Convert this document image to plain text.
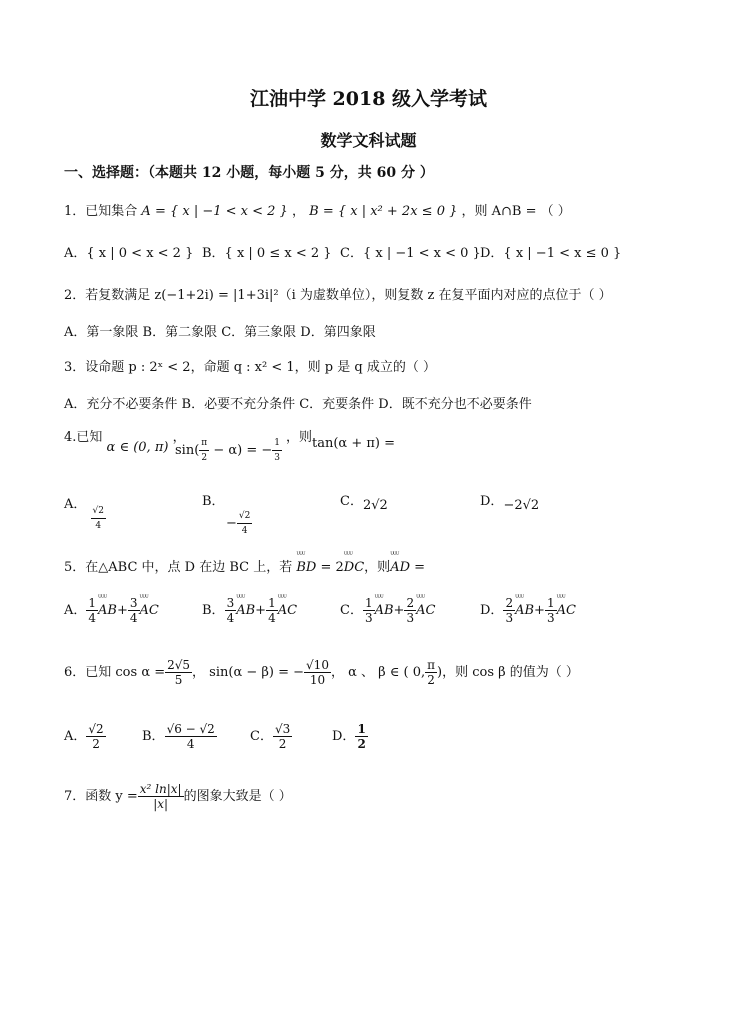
江油中学 2018 级入学考试
数学文科试题
一、选择题：（本题共 12 小题，每小题 5 分，共 60 分 ）
1．已知集合 A = { x | −1 < x < 2 } ， B = { x | x² + 2x ≤ 0 } ，则 A∩B = （ ）
A．{ x | 0 < x < 2 } B．{ x | 0 ≤ x < 2 } C．{ x | −1 < x < 0 } D．{ x | −1 < x ≤ 0 }
2．若复数满足 z(−1+2i) = |1+3i|²（i 为虚数单位），则复数 z 在复平面内对应的点位于（ ）
A．第一象限 B．第二象限 C．第三象限 D．第四象限
3．设命题 p : 2ˣ < 2，命题 q : x² < 1，则 p 是 q 成立的（ ）
A．充分不必要条件 B．必要不充分条件 C．充要条件 D．既不充分也不必要条件
4.已知 α ∈ (0, π) ，
$\sin( \frac{\pi}{2} - \alpha)$ = − $\frac{1}{3}$ ，则tan(α + π) =
A． $\frac{√2}{4}$
B．
− $\frac{√2}{4}$
C．2√2	D．−2√2
5．在△ABC 中，点 D 在边 BC 上，若 ᵁᵁᵁ BD = 2ᵁᵁᵁ DC，则ᵁᵁᵁ AD =
A． $\frac{1}{4}$ ᵁᵁᵁ $AB+ \frac{3}{4}$ ᵁᵁᵁ AC	B． $\frac{3}{4}$ ᵁᵁᵁ $AB+ \frac{1}{4}$ ᵁᵁᵁ AC	C． $\frac{1}{3}$ ᵁᵁᵁ $AB+ \frac{2}{3}$ ᵁᵁᵁ AC	D． $\frac{2}{3}$ ᵁᵁᵁ $AB+ \frac{1}{3}$ ᵁᵁᵁ AC
6．已知 $\cos \alpha = \frac{2√5}{5}$ ， sin(α − β) = − $\frac{√10}{10}$ ， α 、 β ∈ ( 0, $\frac{\pi}{2}$ )，则 cos β 的值为（ ）
A． $\frac{√2}{2}$	B． $\frac{√6 - √2}{4}$	C． $\frac{√3}{2}$	D． $\frac{1}{2}$
7．函数 $y = \frac{\text{x² ln|x|}}{|x|}$ 的图象大致是（ ）
